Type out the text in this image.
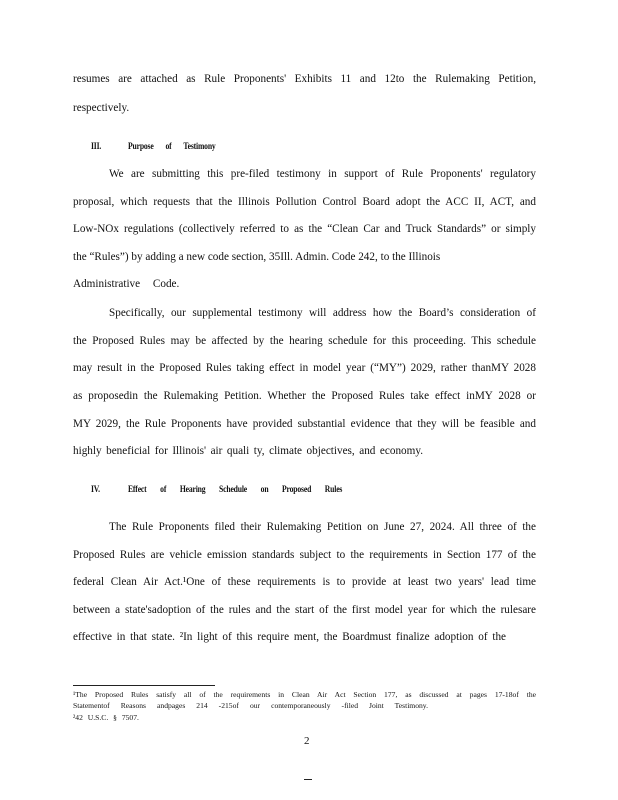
resumes are attached as Rule Proponents' Exhibits 11 and 12to the Rulemaking Petition,
respectively.
III.	Purpose of Testimony
We are submitting this pre-filed testimony in support of Rule Proponents' regulatory
proposal, which requests that the Illinois Pollution Control Board adopt the ACC II, ACT, and
Low-NOx regulations (collectively referred to as the “Clean Car and Truck Standards” or simply
the “Rules”) by adding a new code section, 35Ill. Admin. Code 242, to the Illinois
Administrative Code.
Specifically, our supplemental testimony will address how the Board’s consideration of
the Proposed Rules may be affected by the hearing schedule for this proceeding. This schedule
may result in the Proposed Rules taking effect in model year (“MY”) 2029, rather thanMY 2028
as proposedin the Rulemaking Petition. Whether the Proposed Rules take effect inMY 2028 or
MY 2029, the Rule Proponents have provided substantial evidence that they will be feasible and
highly beneficial for Illinois' air quali ty, climate objectives, and economy.
IV.	Effect of Hearing Schedule on Proposed Rules
The Rule Proponents filed their Rulemaking Petition on June 27, 2024. All three of the
Proposed Rules are vehicle emission standards subject to the requirements in Section 177 of the
federal Clean Air Act.¹One of these requirements is to provide at least two years' lead time
between a state'sadoption of the rules and the start of the first model year for which the rulesare
effective in that state. ²In light of this require ment, the Boardmust finalize adoption of the
¹The Proposed Rules satisfy all of the requirements in Clean Air Act Section 177, as discussed at pages 17-18of the
Statementof Reasons andpages 214 -215of our contemporaneously -filed Joint Testimony.
²42 U.S.C. § 7507.
2
